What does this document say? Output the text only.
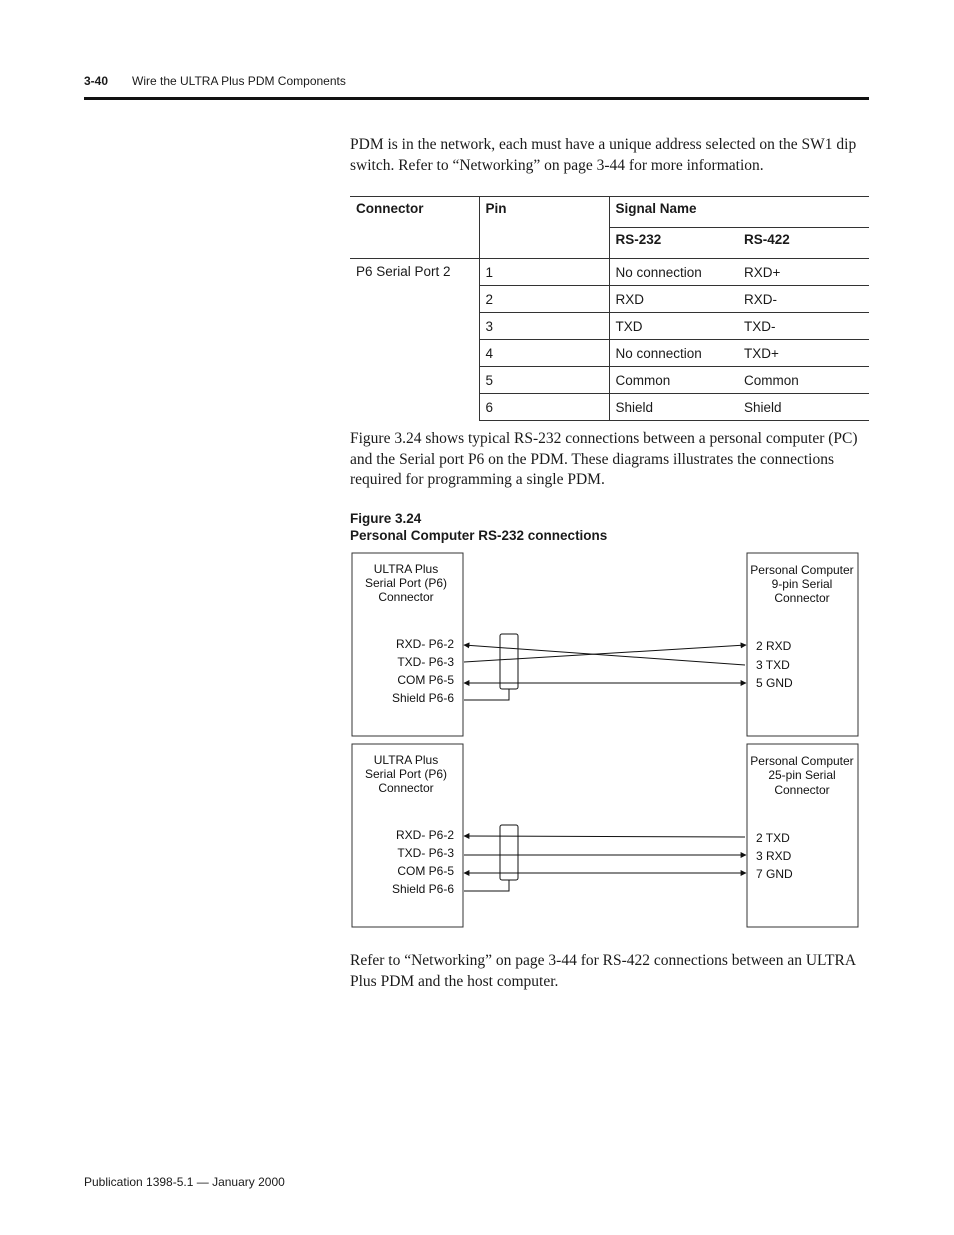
3-40 Wire the ULTRA Plus PDM Components
PDM is in the network, each must have a unique address selected on the SW1 dip switch. Refer to “Networking” on page 3-44 for more information.
Connector	Pin	Signal Name	
		RS-232	RS-422
P6 Serial Port 2	1	No connection	RXD+
	2	RXD	RXD-
	3	TXD	TXD-
	4	No connection	TXD+
	5	Common	Common
	6	Shield	Shield
Figure 3.24 shows typical RS-232 connections between a personal computer (PC) and the Serial port P6 on the PDM. These diagrams illustrates the connections required for programming a single PDM.
Figure 3.24
Personal Computer RS-232 connections
ULTRA Plus
Serial Port (P6)
Connector
RXD- P6-2
TXD- P6-3
COM P6-5
Shield P6-6
Personal Computer
9-pin Serial
Connector
2 RXD
3 TXD
5 GND
ULTRA Plus
Serial Port (P6)
Connector
RXD- P6-2
TXD- P6-3
COM P6-5
Shield P6-6
Personal Computer
25-pin Serial
Connector
2 TXD
3 RXD
7 GND
Refer to “Networking” on page 3-44 for RS-422 connections between an ULTRA Plus PDM and the host computer.
Publication 1398-5.1 — January 2000
